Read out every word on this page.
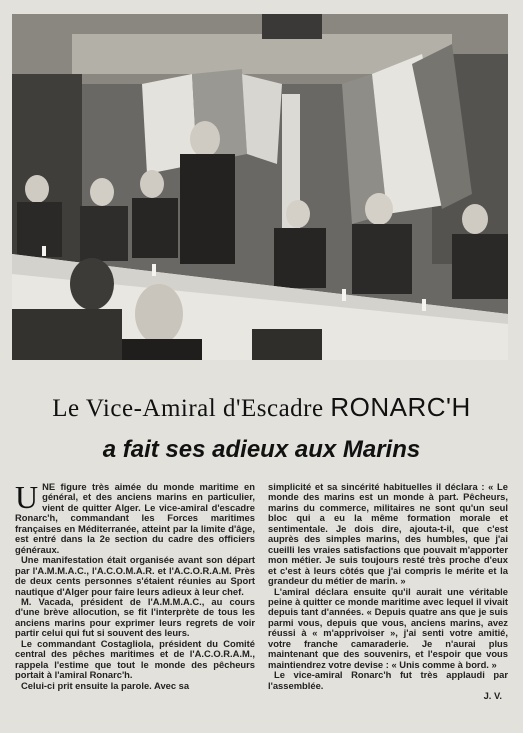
Le Vice-Amiral d'Escadre RONARC'H
a fait ses adieux aux Marins

UNE figure très aimée du monde maritime en général, et des anciens marins en particulier, vient de quitter Alger. Le vice-amiral d'escadre Ronarc'h, commandant les Forces maritimes françaises en Méditerranée, atteint par la limite d'âge, est entré dans la 2e section du cadre des officiers généraux.

Une manifestation était organisée avant son départ par l'A.M.M.A.C., l'A.C.O.M.A.R. et l'A.C.O.R.A.M. Près de deux cents personnes s'étaient réunies au Sport nautique d'Alger pour faire leurs adieux à leur chef.

M. Vacada, président de l'A.M.M.A.C., au cours d'une brève allocution, se fit l'interprète de tous les anciens marins pour exprimer leurs regrets de voir partir celui qui fut si souvent des leurs.

Le commandant Costagliola, président du Comité central des pêches maritimes et de l'A.C.O.R.A.M., rappela l'estime que tout le monde des pêcheurs portait à l'amiral Ronarc'h.

Celui-ci prit ensuite la parole. Avec sa

simplicité et sa sincérité habituelles il déclara : « Le monde des marins est un monde à part. Pêcheurs, marins du commerce, militaires ne sont qu'un seul bloc qui a eu la même formation morale et sentimentale. Je dois dire, ajouta-t-il, que c'est auprès des simples marins, des humbles, que j'ai cueilli les vraies satisfactions que pouvait m'apporter mon métier. Je suis toujours resté très proche d'eux et c'est à leurs côtés que j'ai compris le mérite et la grandeur du métier de marin. »

L'amiral déclara ensuite qu'il aurait une véritable peine à quitter ce monde maritime avec lequel il vivait depuis tant d'années. « Depuis quatre ans que je suis parmi vous, depuis que vous, anciens marins, avez réussi à « m'apprivoiser », j'ai senti votre amitié, votre franche camaraderie. Je n'aurai plus maintenant que des souvenirs, et l'espoir que vous maintiendrez votre devise : « Unis comme à bord. »

Le vice-amiral Ronarc'h fut très applaudi par l'assemblée.

J. V.
